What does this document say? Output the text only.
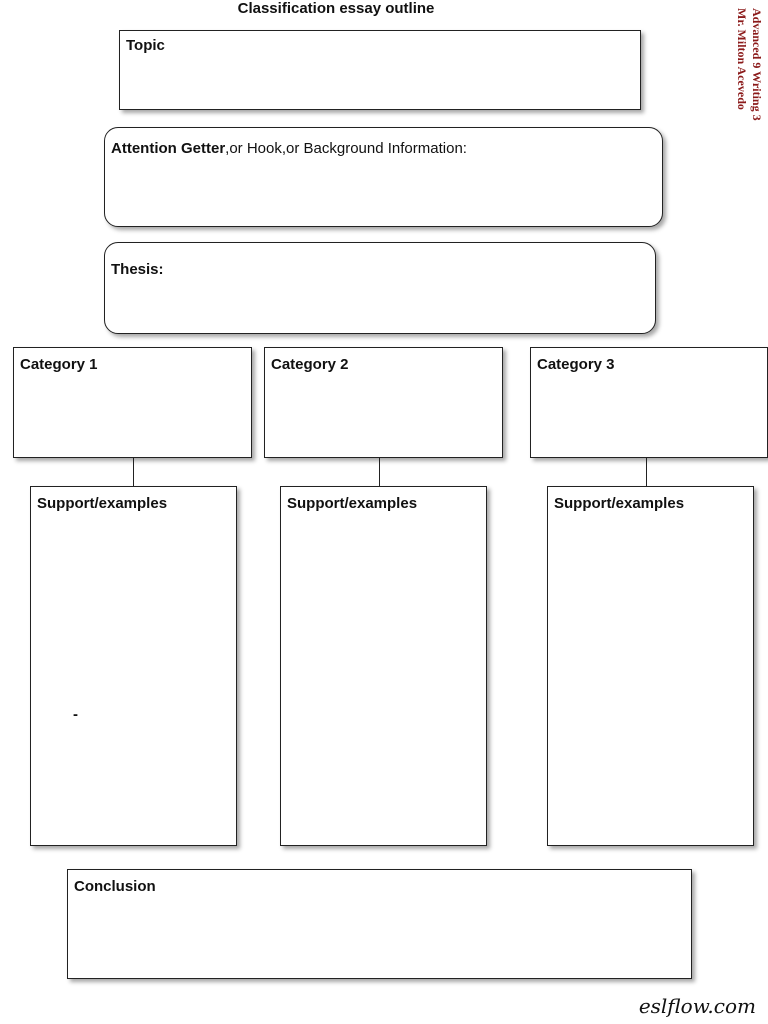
Classification essay outline	Advanced 9 Writing 3
Mr. Milton Acevedo
Topic
Attention Getter,or Hook,or Background Information:
Thesis:
Category 1	Category 2	Category 3
Support/examples	Support/examples	Support/examples
-
Conclusion
eslflow.com
